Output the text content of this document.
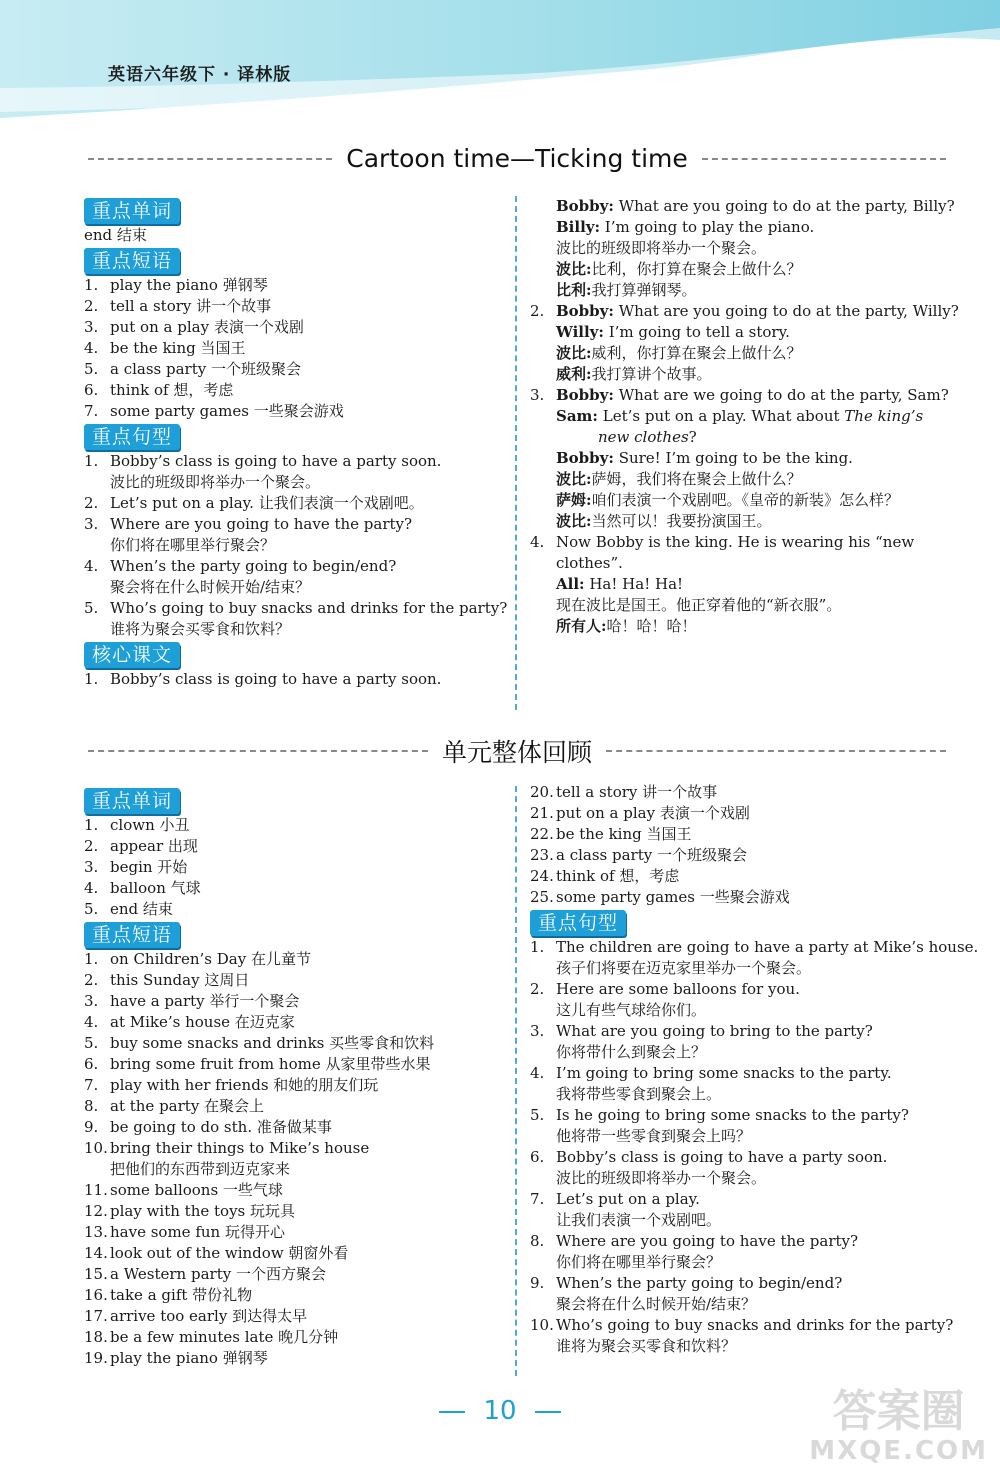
英语六年级下 · 译林版
Cartoon time—Ticking time
重点单词
end 结束
重点短语
1. play the piano 弹钢琴
2. tell a story 讲一个故事
3. put on a play 表演一个戏剧
4. be the king 当国王
5. a class party 一个班级聚会
6. think of 想，考虑
7. some party games 一些聚会游戏
重点句型
1. Bobby’s class is going to have a party soon.
波比的班级即将举办一个聚会。
2. Let’s put on a play. 让我们表演一个戏剧吧。
3. Where are you going to have the party?
你们将在哪里举行聚会？
4. When’s the party going to begin/end?
聚会将在什么时候开始/结束？
5. Who’s going to buy snacks and drinks for the party?
谁将为聚会买零食和饮料？
核心课文
1. Bobby’s class is going to have a party soon.
Bobby: What are you going to do at the party, Billy?
Billy: I’m going to play the piano.
波比的班级即将举办一个聚会。
波比:比利，你打算在聚会上做什么？
比利:我打算弹钢琴。
2. Bobby: What are you going to do at the party, Willy?
Willy: I’m going to tell a story.
波比:威利，你打算在聚会上做什么？
威利:我打算讲个故事。
3. Bobby: What are we going to do at the party, Sam?
Sam: Let’s put on a play. What about The king’s
new clothes?
Bobby: Sure! I’m going to be the king.
波比:萨姆，我们将在聚会上做什么？
萨姆:咱们表演一个戏剧吧。《皇帝的新装》怎么样？
波比:当然可以！我要扮演国王。
4. Now Bobby is the king. He is wearing his “new
clothes”.
All: Ha! Ha! Ha!
现在波比是国王。他正穿着他的“新衣服”。
所有人:哈！哈！哈！
单元整体回顾
重点单词
1. clown 小丑
2. appear 出现
3. begin 开始
4. balloon 气球
5. end 结束
重点短语
1. on Children’s Day 在儿童节
2. this Sunday 这周日
3. have a party 举行一个聚会
4. at Mike’s house 在迈克家
5. buy some snacks and drinks 买些零食和饮料
6. bring some fruit from home 从家里带些水果
7. play with her friends 和她的朋友们玩
8. at the party 在聚会上
9. be going to do sth. 准备做某事
10. bring their things to Mike’s house
把他们的东西带到迈克家来
11. some balloons 一些气球
12. play with the toys 玩玩具
13. have some fun 玩得开心
14. look out of the window 朝窗外看
15. a Western party 一个西方聚会
16. take a gift 带份礼物
17. arrive too early 到达得太早
18. be a few minutes late 晚几分钟
19. play the piano 弹钢琴
20. tell a story 讲一个故事
21. put on a play 表演一个戏剧
22. be the king 当国王
23. a class party 一个班级聚会
24. think of 想，考虑
25. some party games 一些聚会游戏
重点句型
1. The children are going to have a party at Mike’s house.
孩子们将要在迈克家里举办一个聚会。
2. Here are some balloons for you.
这儿有些气球给你们。
3. What are you going to bring to the party?
你将带什么到聚会上？
4. I’m going to bring some snacks to the party.
我将带些零食到聚会上。
5. Is he going to bring some snacks to the party?
他将带一些零食到聚会上吗？
6. Bobby’s class is going to have a party soon.
波比的班级即将举办一个聚会。
7. Let’s put on a play.
让我们表演一个戏剧吧。
8. Where are you going to have the party?
你们将在哪里举行聚会？
9. When’s the party going to begin/end?
聚会将在什么时候开始/结束？
10. Who’s going to buy snacks and drinks for the party?
谁将为聚会买零食和饮料？
10	答案圈
MXQE.COM
